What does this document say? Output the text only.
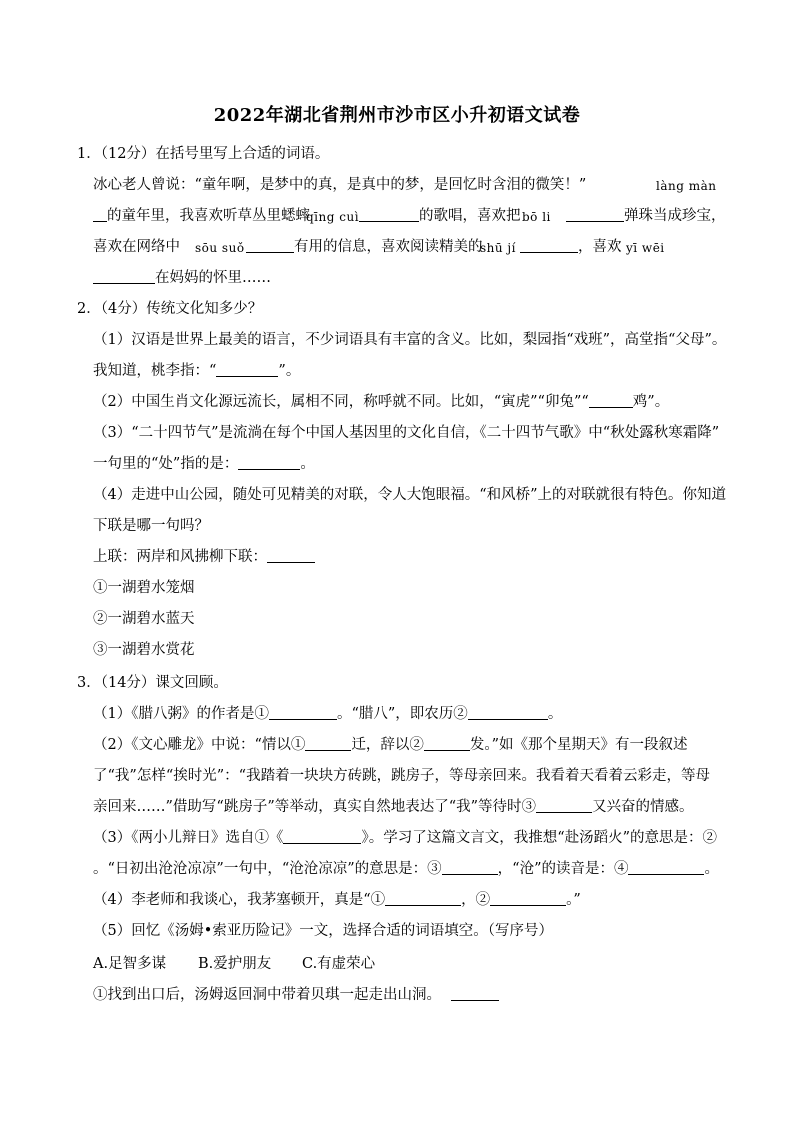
2022年湖北省荆州市沙市区小升初语文试卷
1．（12分）在括号里写上合适的词语。
冰心老人曾说：“童年啊，是梦中的真，是真中的梦，是回忆时含泪的微笑！”	làng màn
的童年里，我喜欢听草丛里蟋蟀
qīng cuì	的歌唱，喜欢把 bō li	弹珠当成珍宝，
喜欢在网络中 sōu suǒ	有用的信息，喜欢阅读精美的
shū jí	，喜欢 yī wēi
在妈妈的怀里……
2．（4分）传统文化知多少？
（1）汉语是世界上最美的语言，不少词语具有丰富的含义。比如，梨园指“戏班”，高堂指“父母”。
我知道，桃李指：“	”。
（2）中国生肖文化源远流长，属相不同，称呼就不同。比如，“寅虎”“卯兔”“	鸡”。
（3）“二十四节气”是流淌在每个中国人基因里的文化自信，《二十四节气歌》中“秋处露秋寒霜降”
一句里的“处”指的是：	。
（4）走进中山公园，随处可见精美的对联，令人大饱眼福。“和风桥”上的对联就很有特色。你知道
下联是哪一句吗？
上联：两岸和风拂柳下联：
①一湖碧水笼烟
②一湖碧水蓝天
③一湖碧水赏花
3．（14分）课文回顾。
（1）《腊八粥》的作者是①	。“腊八”，即农历②	。
（2）《文心雕龙》中说：“情以①	迁，辞以②	发。”如《那个星期天》有一段叙述
了“我”怎样“挨时光”：“我踏着一块块方砖跳，跳房子，等母亲回来。我看着天看着云彩走，等母
亲回来……”借助写“跳房子”等举动，真实自然地表达了“我”等待时③	又兴奋的情感。
（3）《两小儿辩日》选自①《	》。学习了这篇文言文，我推想“赴汤蹈火”的意思是：②
。“日初出沧沧凉凉”一句中，“沧沧凉凉”的意思是：③	，“沧”的读音是：④	。
（4）李老师和我谈心，我茅塞顿开，真是“①	，②	。”
（5）回忆《汤姆•索亚历险记》一文，选择合适的词语填空。（写序号）
A.足智多谋 B.爱护朋友 C.有虚荣心
①找到出口后，汤姆返回洞中带着贝琪一起走出山洞。
